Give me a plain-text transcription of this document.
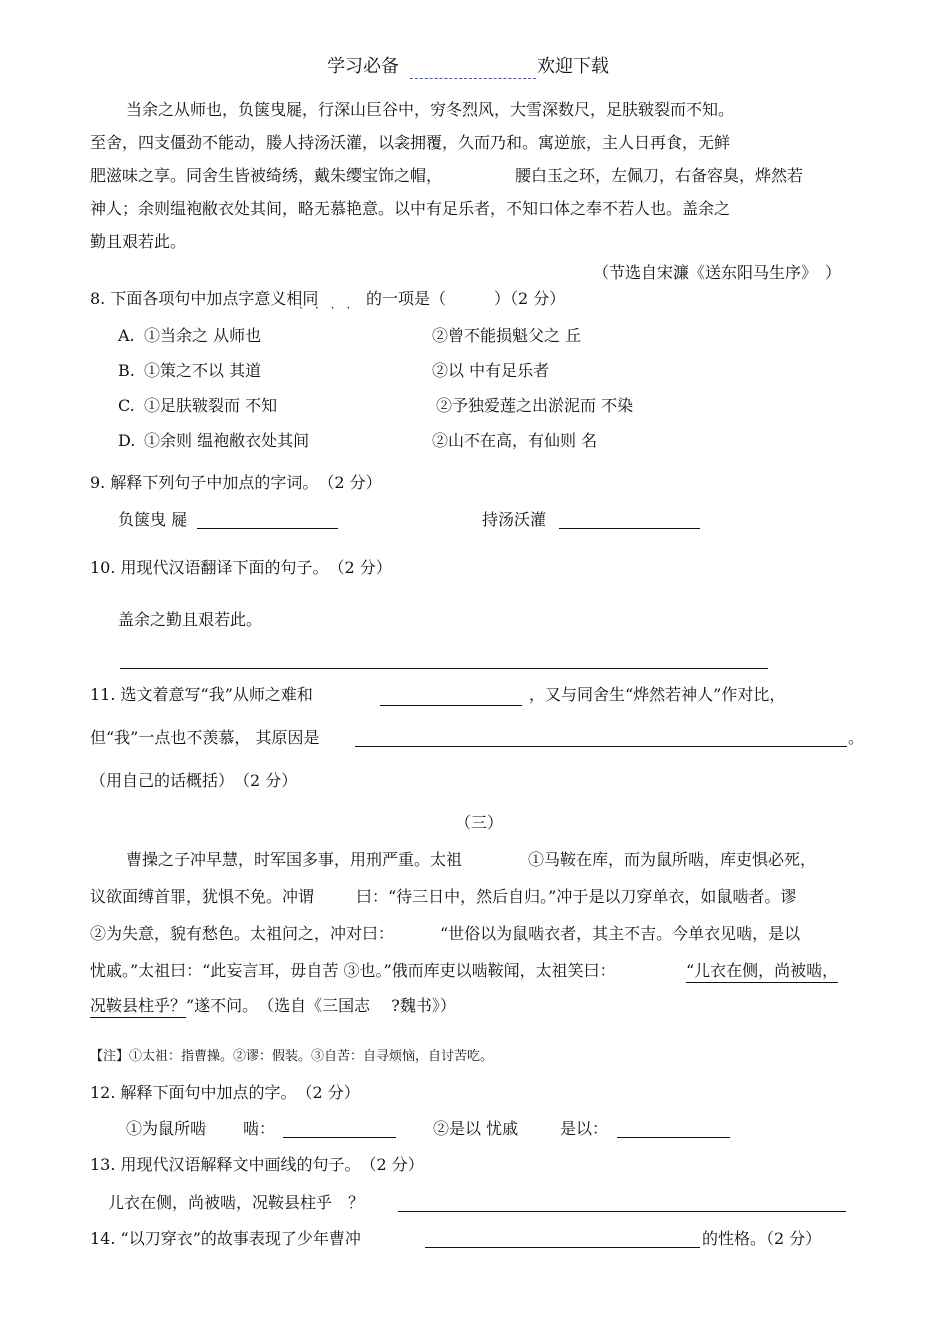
学习必备	欢迎下载
当余之从师也，负箧曳屣，行深山巨谷中，穷冬烈风，大雪深数尺，足肤皲裂而不知。
至舍，四支僵劲不能动，媵人持汤沃灌，以衾拥覆，久而乃和。寓逆旅，主人日再食，无鲜
肥滋味之享。同舍生皆被绮绣，戴朱缨宝饰之帽，	腰白玉之环，左佩刀，右备容臭，烨然若
神人；余则缊袍敝衣处其间，略无慕艳意。以中有足乐者，不知口体之奉不若人也。盖余之
勤且艰若此。
（节选自宋濂《送东阳马生序》　）
8. 下面各项句中加点字意义相同	的一项是（　　　）（2 分）
·　·　·　·
A. ①当余之 从师也	②曾不能损魁父之 丘
B. ①策之不以 其道	②以 中有足乐者
C. ①足肤皲裂而 不知	②予独爱莲之出淤泥而 不染
D. ①余则 缊袍敝衣处其间	②山不在高，有仙则 名
9. 解释下列句子中加点的字词。　（2 分）
负箧曳 屣	持汤沃灌
10. 用现代汉语翻译下面的句子。　（2 分）
盖余之勤且艰若此。
11. 选文着意写“我”从师之难和	，又与同舍生“烨然若神人”作对比，
但“我”一点也不羡慕， 其原因是	。
（用自己的话概括）　（2 分）
（三）
曹操之子冲早慧，时军国多事，用刑严重。太祖	①马鞍在库，而为鼠所啮，库吏惧必死，
议欲面缚首罪，犹惧不免。冲谓	曰：“待三日中，然后自归。”冲于是以刀穿单衣，如鼠啮者。谬
②为失意，貌有愁色。太祖问之，冲对曰：	“世俗以为鼠啮衣者，其主不吉。今单衣见啮，是以
忧戚。”太祖曰：“此妄言耳，毋自苦 ③也。”俄而库吏以啮鞍闻，太祖笑曰：	“儿衣在侧，尚被啮，
况鞍县柱乎？ ”遂不问。　（选自《三国志 　?魏书》）
【注】①太祖：指曹操。②谬：假装。③自苦：自寻烦恼，自讨苦吃。
12. 解释下面句中加点的字。　（2 分）
①为鼠所啮 啮：	②是以 忧戚	是以：
13. 用现代汉语解释文中画线的句子。　（2 分）
儿衣在侧，尚被啮，况鞍县柱乎　？
14. “以刀穿衣”的故事表现了少年曹冲	的性格。（2 分）
